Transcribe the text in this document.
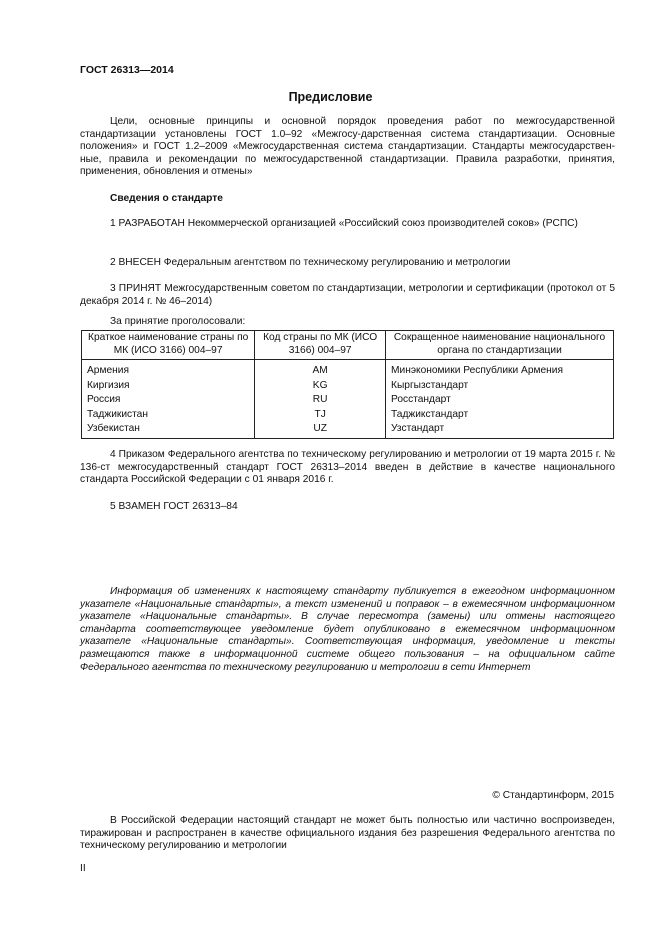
ГОСТ 26313—2014
Предисловие

Цели, основные принципы и основной порядок проведения работ по межгосударственной стандартизации установлены ГОСТ 1.0–92 «Межгосу-дарственная система стандартизации. Основные положения» и ГОСТ 1.2–2009 «Межгосударственная система стандартизации. Стандарты межгосударствен-ные, правила и рекомендации по межгосударственной стандартизации. Правила разработки, принятия, применения, обновления и отмены»

Сведения о стандарте

1 РАЗРАБОТАН Некоммерческой организацией «Российский союз производителей соков» (РСПС)

2 ВНЕСЕН Федеральным агентством по техническому регулированию и метрологии

3 ПРИНЯТ Межгосударственным советом по стандартизации, метрологии и сертификации (протокол от 5 декабря 2014 г. № 46–2014)

За принятие проголосовали:
Краткое наименование страны по МК (ИСО 3166) 004–97	Код страны по МК (ИСО 3166) 004–97	Сокращенное наименование национального органа по стандартизации
Армения	AM	Минэкономики Республики Армения
Киргизия	KG	Кыргызстандарт
Россия	RU	Росстандарт
Таджикистан	TJ	Таджикстандарт
Узбекистан	UZ	Узстандарт

4 Приказом Федерального агентства по техническому регулированию и метрологии от 19 марта 2015 г. № 136-ст межгосударственный стандарт ГОСТ 26313–2014 введен в действие в качестве национального стандарта Российской Федерации с 01 января 2016 г.

5 ВЗАМЕН ГОСТ 26313–84

Информация об изменениях к настоящему стандарту публикуется в ежегодном информационном указателе «Национальные стандарты», а текст изменений и поправок – в ежемесячном информационном указателе «Национальные стандарты». В случае пересмотра (замены) или отмены настоящего стандарта соответствующее уведомление будет опубликовано в ежемесячном информационном указателе «Национальные стандарты». Соответствующая информация, уведомление и тексты размещаются также в информационной системе общего пользования – на официальном сайте Федерального агентства по техническому регулированию и метрологии в сети Интернет

© Стандартинформ, 2015

В Российской Федерации настоящий стандарт не может быть полностью или частично воспроизведен, тиражирован и распространен в качестве официального издания без разрешения Федерального агентства по техническому регулированию и метрологии

II
